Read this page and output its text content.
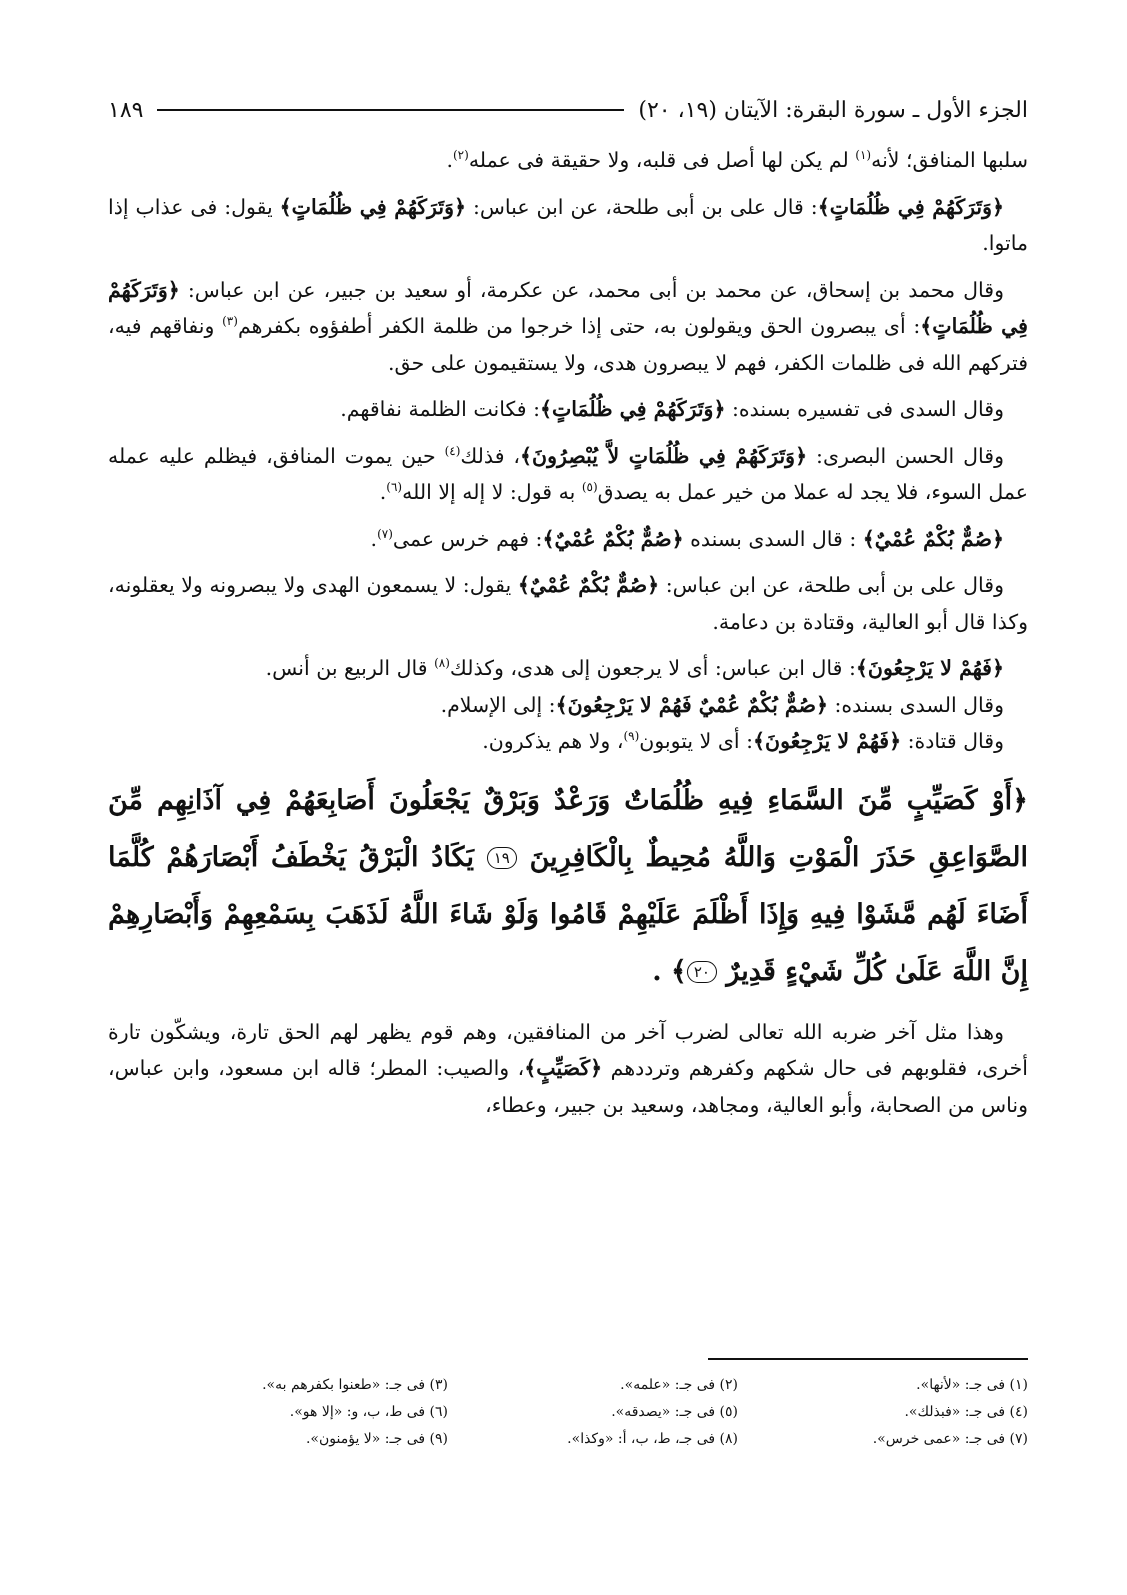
الجزء الأول ـ سورة البقرة: الآيتان (١٩، ٢٠)
١٨٩

سلبها المنافق؛ لأنه$^{(١)}$ لم يكن لها أصل فى قلبه، ولا حقيقة فى عمله$^{(٢)}$.

﴿وَتَرَكَهُمْ فِي ظُلُمَاتٍ﴾: قال على بن أبى طلحة، عن ابن عباس: ﴿وَتَرَكَهُمْ فِي ظُلُمَاتٍ﴾ يقول: فى عذاب إذا ماتوا.

وقال محمد بن إسحاق، عن محمد بن أبى محمد، عن عكرمة، أو سعيد بن جبير، عن ابن عباس: ﴿وَتَرَكَهُمْ فِي ظُلُمَاتٍ﴾: أى يبصرون الحق ويقولون به، حتى إذا خرجوا من ظلمة الكفر أطفؤوه بكفرهم$^{(٣)}$ ونفاقهم فيه، فتركهم الله فى ظلمات الكفر، فهم لا يبصرون هدى، ولا يستقيمون على حق.

وقال السدى فى تفسيره بسنده: ﴿وَتَرَكَهُمْ فِي ظُلُمَاتٍ﴾: فكانت الظلمة نفاقهم.

وقال الحسن البصرى: ﴿وَتَرَكَهُمْ فِي ظُلُمَاتٍ لاَّ يُبْصِرُونَ﴾، فذلك$^{(٤)}$ حين يموت المنافق، فيظلم عليه عمله عمل السوء، فلا يجد له عملا من خير عمل به يصدق$^{(٥)}$ به قول: لا إله إلا الله$^{(٦)}$.

﴿صُمٌّ بُكْمٌ عُمْيٌ﴾ : قال السدى بسنده ﴿صُمٌّ بُكْمٌ عُمْيٌ﴾: فهم خرس عمى$^{(٧)}$.

وقال على بن أبى طلحة، عن ابن عباس: ﴿صُمٌّ بُكْمٌ عُمْيٌ﴾ يقول: لا يسمعون الهدى ولا يبصرونه ولا يعقلونه، وكذا قال أبو العالية، وقتادة بن دعامة.

﴿فَهُمْ لا يَرْجِعُونَ﴾: قال ابن عباس: أى لا يرجعون إلى هدى، وكذلك$^{(٨)}$ قال الربيع بن أنس.

وقال السدى بسنده: ﴿صُمٌّ بُكْمٌ عُمْيٌ فَهُمْ لا يَرْجِعُونَ﴾: إلى الإسلام.

وقال قتادة: ﴿فَهُمْ لا يَرْجِعُونَ﴾: أى لا يتوبون$^{(٩)}$، ولا هم يذكرون.

﴿أَوْ كَصَيِّبٍ مِّنَ السَّمَاءِ فِيهِ ظُلُمَاتٌ وَرَعْدٌ وَبَرْقٌ يَجْعَلُونَ أَصَابِعَهُمْ فِي آذَانِهِم مِّنَ الصَّوَاعِقِ حَذَرَ الْمَوْتِ وَاللَّهُ مُحِيطٌ بِالْكَافِرِينَ ١٩ يَكَادُ الْبَرْقُ يَخْطَفُ أَبْصَارَهُمْ كُلَّمَا أَضَاءَ لَهُم مَّشَوْا فِيهِ وَإِذَا أَظْلَمَ عَلَيْهِمْ قَامُوا وَلَوْ شَاءَ اللَّهُ لَذَهَبَ بِسَمْعِهِمْ وَأَبْصَارِهِمْ إِنَّ اللَّهَ عَلَىٰ كُلِّ شَيْءٍ قَدِيرٌ ٢٠﴾ .

وهذا مثل آخر ضربه الله تعالى لضرب آخر من المنافقين، وهم قوم يظهر لهم الحق تارة، ويشكّون تارة أخرى، فقلوبهم فى حال شكهم وكفرهم وترددهم ﴿كَصَيِّبٍ﴾، والصيب: المطر؛ قاله ابن مسعود، وابن عباس، وناس من الصحابة، وأبو العالية، ومجاهد، وسعيد بن جبير، وعطاء،

(١) فى جـ: «لأنها».
(٢) فى جـ: «علمه».
(٣) فى جـ: «طعنوا بكفرهم به».
(٤) فى جـ: «فبذلك».
(٥) فى جـ: «يصدقه».
(٦) فى ط، ب، و: «إلا هو».
(٧) فى جـ: «عمى خرس».
(٨) فى جـ، ط، ب، أ: «وكذا».
(٩) فى جـ: «لا يؤمنون».
